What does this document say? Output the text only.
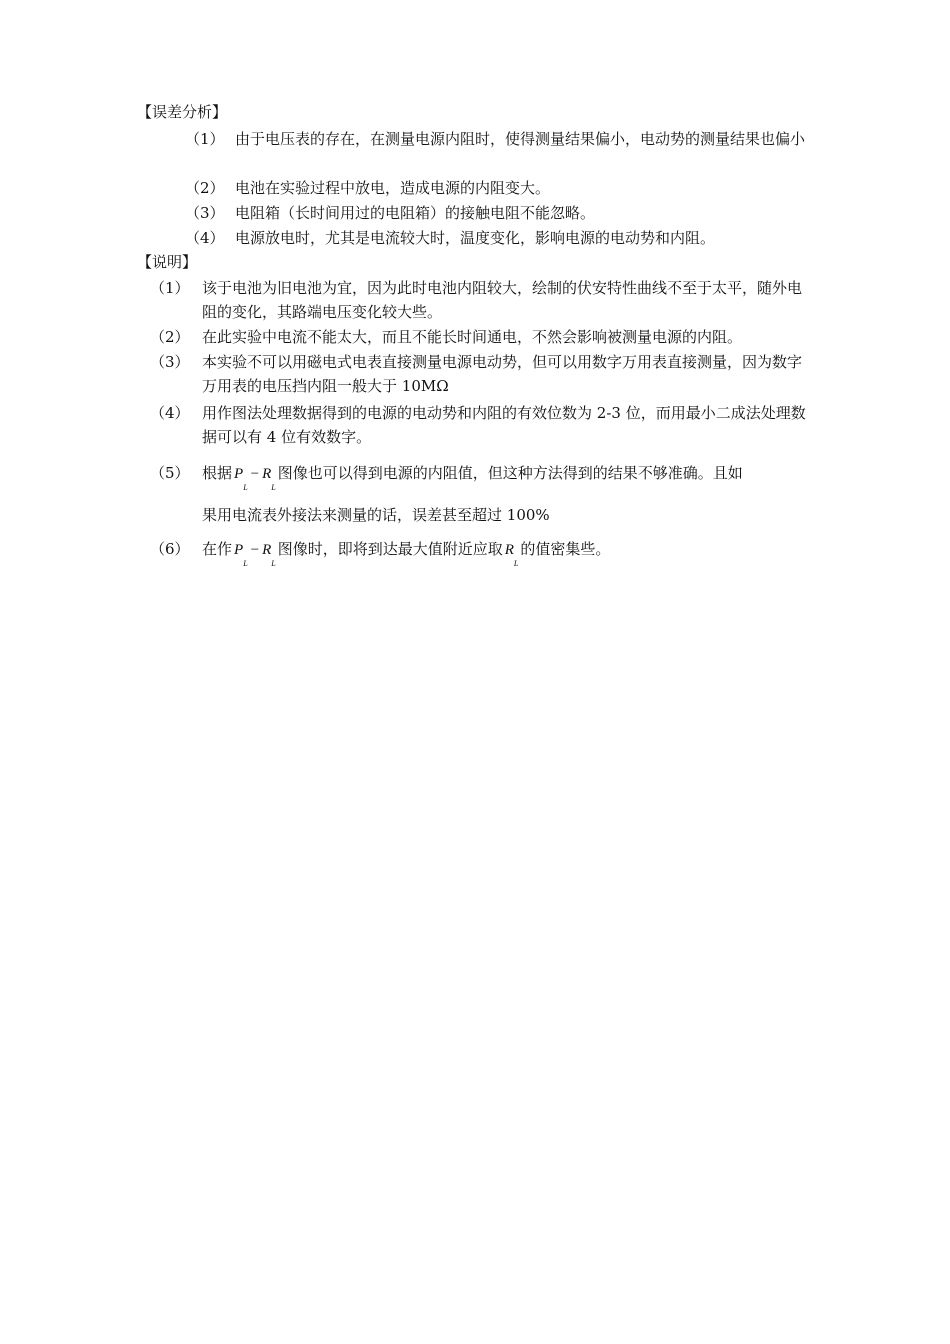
【误差分析】
（1） 由于电压表的存在，在测量电源内阻时，使得测量结果偏小，电动势的测量结果也偏小
（2） 电池在实验过程中放电，造成电源的内阻变大。
（3） 电阻箱（长时间用过的电阻箱）的接触电阻不能忽略。
（4） 电源放电时，尤其是电流较大时，温度变化，影响电源的电动势和内阻。
【说明】
（1） 该于电池为旧电池为宜，因为此时电池内阻较大，绘制的伏安特性曲线不至于太平，随外电阻的变化，其路端电压变化较大些。
（2） 在此实验中电流不能太大，而且不能长时间通电，不然会影响被测量电源的内阻。
（3） 本实验不可以用磁电式电表直接测量电源电动势，但可以用数字万用表直接测量，因为数字万用表的电压挡内阻一般大于 10MΩ
（4） 用作图法处理数据得到的电源的电动势和内阻的有效位数为 2-3 位，而用最小二成法处理数据可以有 4 位有效数字。
（5） 根据 $P_L- R_L$图像也可以得到电源的内阻值，但这种方法得到的结果不够准确。且如
果用电流表外接法来测量的话，误差甚至超过 100%
（6） 在作 $P_L- R_L$图像时，即将到达最大值附近应取 $R_L$的值密集些。
